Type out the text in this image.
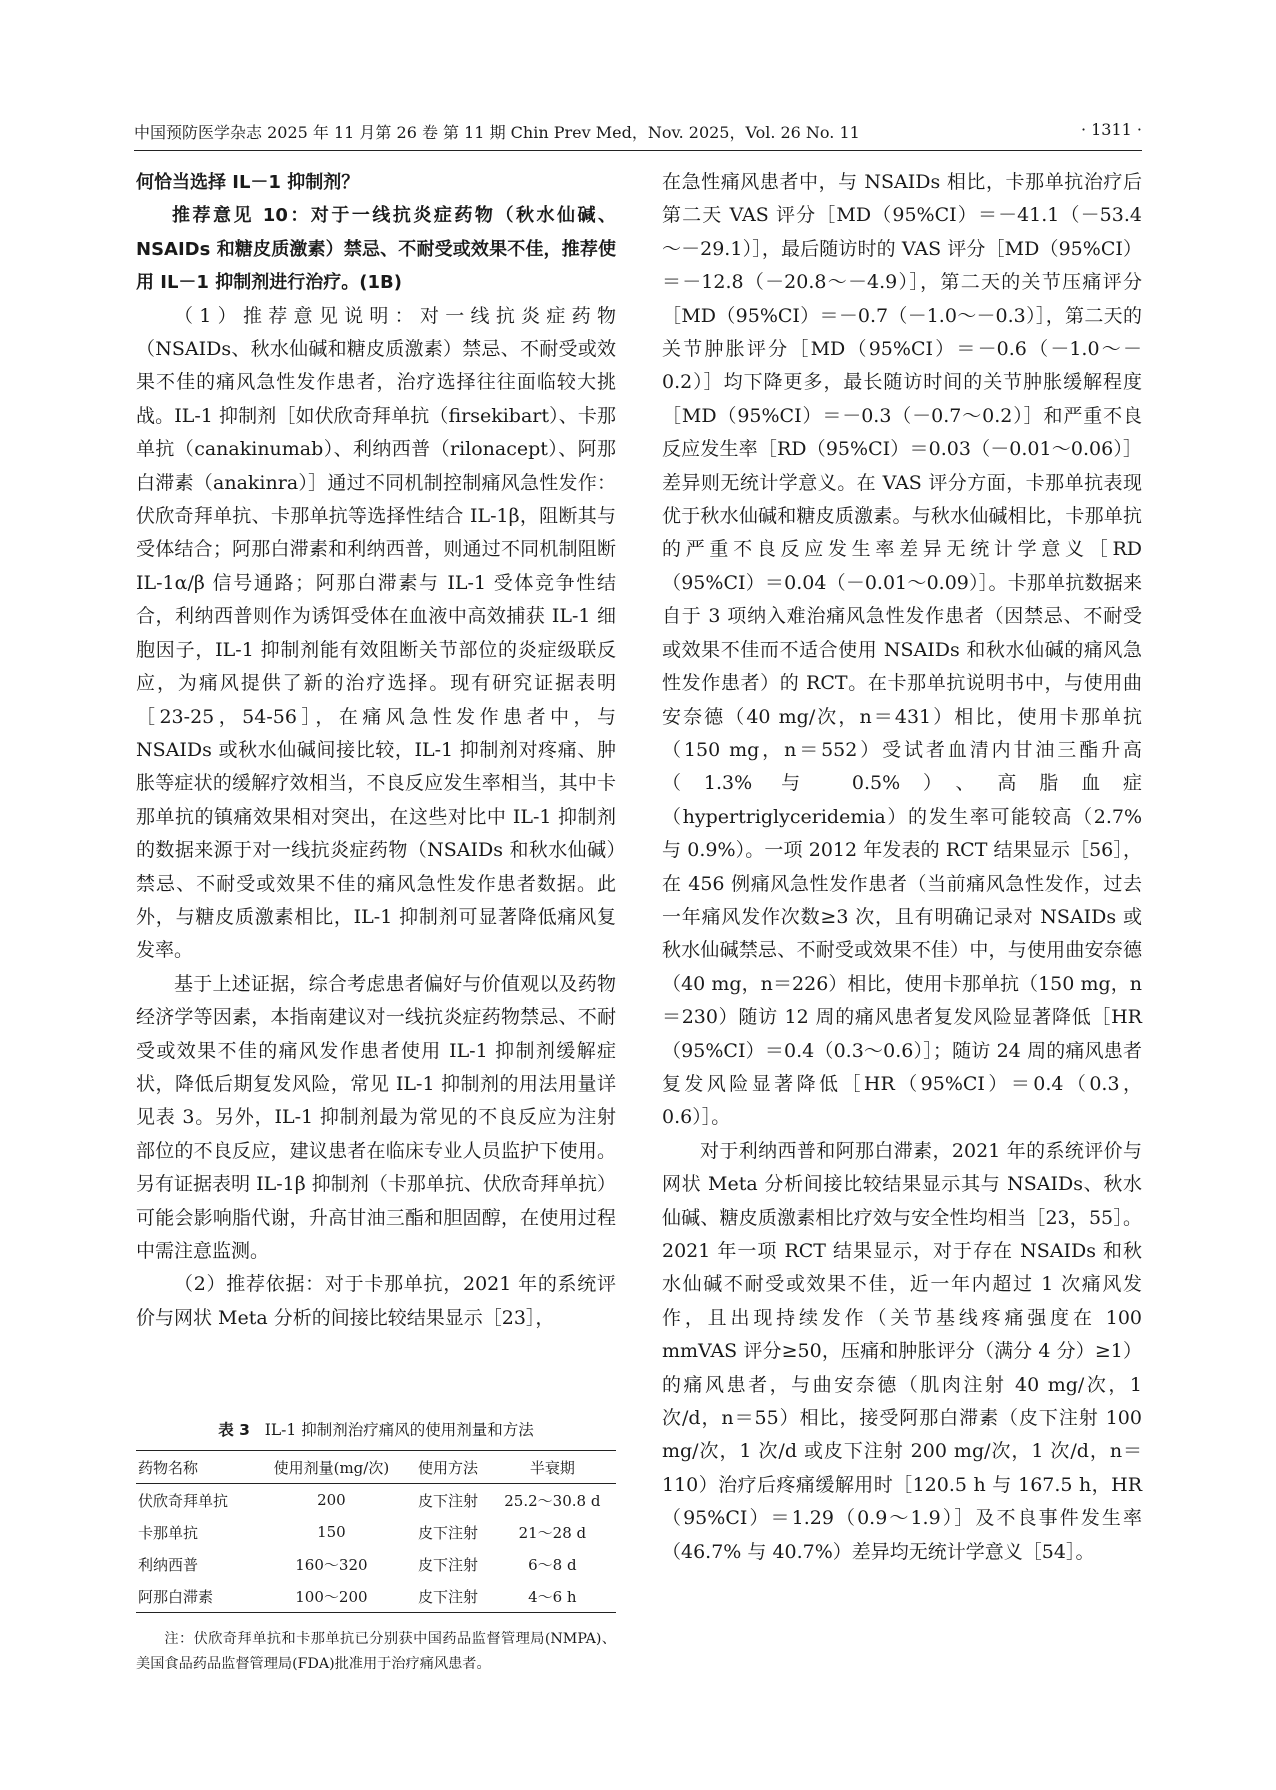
中国预防医学杂志 2025 年 11 月第 26 卷 第 11 期 Chin Prev Med，Nov. 2025，Vol. 26 No. 11	· 1311 ·

何恰当选择 IL－1 抑制剂？

推荐意见 10：对于一线抗炎症药物（秋水仙碱、NSAIDs 和糖皮质激素）禁忌、不耐受或效果不佳，推荐使用 IL－1 抑制剂进行治疗。(1B)

（1）推荐意见说明：对一线抗炎症药物（NSAIDs、秋水仙碱和糖皮质激素）禁忌、不耐受或效果不佳的痛风急性发作患者，治疗选择往往面临较大挑战。IL-1 抑制剂［如伏欣奇拜单抗（firsekibart）、卡那单抗（canakinumab）、利纳西普（rilonacept）、阿那白滞素（anakinra）］通过不同机制控制痛风急性发作：伏欣奇拜单抗、卡那单抗等选择性结合 IL-1β，阻断其与受体结合；阿那白滞素和利纳西普，则通过不同机制阻断 IL-1α/β 信号通路；阿那白滞素与 IL-1 受体竞争性结合，利纳西普则作为诱饵受体在血液中高效捕获 IL-1 细胞因子，IL-1 抑制剂能有效阻断关节部位的炎症级联反应，为痛风提供了新的治疗选择。现有研究证据表明［23-25，54-56］，在痛风急性发作患者中，与 NSAIDs 或秋水仙碱间接比较，IL-1 抑制剂对疼痛、肿胀等症状的缓解疗效相当，不良反应发生率相当，其中卡那单抗的镇痛效果相对突出，在这些对比中 IL-1 抑制剂的数据来源于对一线抗炎症药物（NSAIDs 和秋水仙碱）禁忌、不耐受或效果不佳的痛风急性发作患者数据。此外，与糖皮质激素相比，IL-1 抑制剂可显著降低痛风复发率。

基于上述证据，综合考虑患者偏好与价值观以及药物经济学等因素，本指南建议对一线抗炎症药物禁忌、不耐受或效果不佳的痛风发作患者使用 IL-1 抑制剂缓解症状，降低后期复发风险，常见 IL-1 抑制剂的用法用量详见表 3。另外，IL-1 抑制剂最为常见的不良反应为注射部位的不良反应，建议患者在临床专业人员监护下使用。另有证据表明 IL-1β 抑制剂（卡那单抗、伏欣奇拜单抗）可能会影响脂代谢，升高甘油三酯和胆固醇，在使用过程中需注意监测。

（2）推荐依据：对于卡那单抗，2021 年的系统评价与网状 Meta 分析的间接比较结果显示［23］，

表 3 IL-1 抑制剂治疗痛风的使用剂量和方法
药物名称	使用剂量(mg/次)	使用方法	半衰期
伏欣奇拜单抗	200	皮下注射	25.2～30.8 d
卡那单抗	150	皮下注射	21～28 d
利纳西普	160～320	皮下注射	6～8 d
阿那白滞素	100～200	皮下注射	4～6 h
注：伏欣奇拜单抗和卡那单抗已分别获中国药品监督管理局(NMPA)、美国食品药品监督管理局(FDA)批准用于治疗痛风患者。

在急性痛风患者中，与 NSAIDs 相比，卡那单抗治疗后第二天 VAS 评分［MD（95%CI）＝－41.1（－53.4～－29.1）］，最后随访时的 VAS 评分［MD（95%CI）＝－12.8（－20.8～－4.9）］，第二天的关节压痛评分［MD（95%CI）＝－0.7（－1.0～－0.3）］，第二天的关节肿胀评分［MD（95%CI）＝－0.6（－1.0～－0.2）］均下降更多，最长随访时间的关节肿胀缓解程度［MD（95%CI）＝－0.3（－0.7～0.2）］和严重不良反应发生率［RD（95%CI）＝0.03（－0.01～0.06）］差异则无统计学意义。在 VAS 评分方面，卡那单抗表现优于秋水仙碱和糖皮质激素。与秋水仙碱相比，卡那单抗的严重不良反应发生率差异无统计学意义［RD（95%CI）＝0.04（－0.01～0.09）］。卡那单抗数据来自于 3 项纳入难治痛风急性发作患者（因禁忌、不耐受或效果不佳而不适合使用 NSAIDs 和秋水仙碱的痛风急性发作患者）的 RCT。在卡那单抗说明书中，与使用曲安奈德（40 mg/次，n＝431）相比，使用卡那单抗（150 mg，n＝552）受试者血清内甘油三酯升高（1.3% 与 0.5%）、高脂血症（hypertriglyceridemia）的发生率可能较高（2.7% 与 0.9%）。一项 2012 年发表的 RCT 结果显示［56］，在 456 例痛风急性发作患者（当前痛风急性发作，过去一年痛风发作次数≥3 次，且有明确记录对 NSAIDs 或秋水仙碱禁忌、不耐受或效果不佳）中，与使用曲安奈德（40 mg，n＝226）相比，使用卡那单抗（150 mg，n＝230）随访 12 周的痛风患者复发风险显著降低［HR（95%CI）＝0.4（0.3～0.6）］；随访 24 周的痛风患者复发风险显著降低［HR（95%CI）＝0.4（0.3，0.6）］。

对于利纳西普和阿那白滞素，2021 年的系统评价与网状 Meta 分析间接比较结果显示其与 NSAIDs、秋水仙碱、糖皮质激素相比疗效与安全性均相当［23，55］。2021 年一项 RCT 结果显示，对于存在 NSAIDs 和秋水仙碱不耐受或效果不佳，近一年内超过 1 次痛风发作，且出现持续发作（关节基线疼痛强度在 100 mmVAS 评分≥50，压痛和肿胀评分（满分 4 分）≥1）的痛风患者，与曲安奈德（肌肉注射 40 mg/次，1 次/d，n＝55）相比，接受阿那白滞素（皮下注射 100 mg/次，1 次/d 或皮下注射 200 mg/次，1 次/d，n＝110）治疗后疼痛缓解用时［120.5 h 与 167.5 h，HR（95%CI）＝1.29（0.9～1.9）］及不良事件发生率（46.7% 与 40.7%）差异均无统计学意义［54］。
